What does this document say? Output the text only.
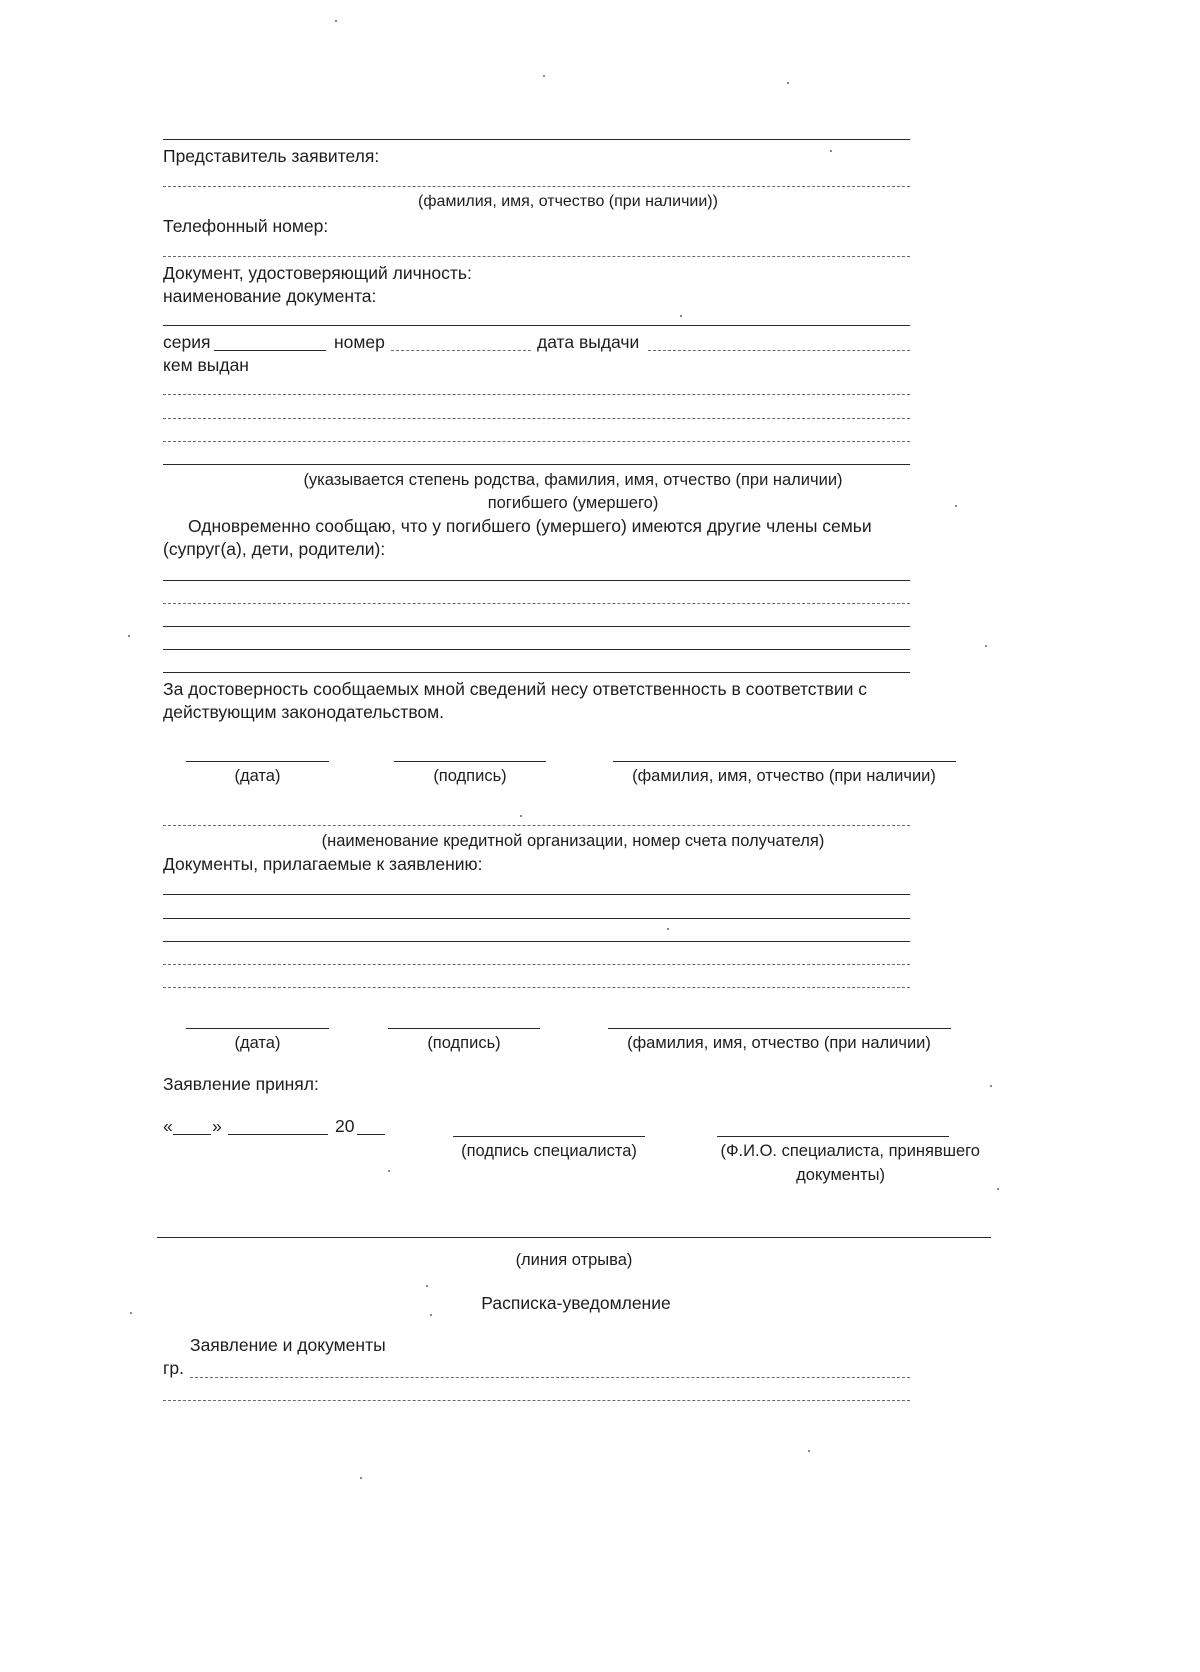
Представитель заявителя:
(фамилия, имя, отчество (при наличии))
Телефонный номер:
Документ, удостоверяющий личность:
наименование документа:
серия	номер	дата выдачи
кем выдан
(указывается степень родства, фамилия, имя, отчество (при наличии)
погибшего (умершего)
Одновременно сообщаю, что у погибшего (умершего) имеются другие члены семьи
(супруг(а), дети, родители):
За достоверность сообщаемых мной сведений несу ответственность в соответствии с
действующим законодательством.
(дата)	(подпись)	(фамилия, имя, отчество (при наличии)
(наименование кредитной организации, номер счета получателя)
Документы, прилагаемые к заявлению:
(дата)	(подпись)	(фамилия, имя, отчество (при наличии)
Заявление принял:
« »	20
(подпись специалиста)	(Ф.И.О. специалиста, принявшего
документы)
(линия отрыва)
Расписка-уведомление
Заявление и документы
гр.
